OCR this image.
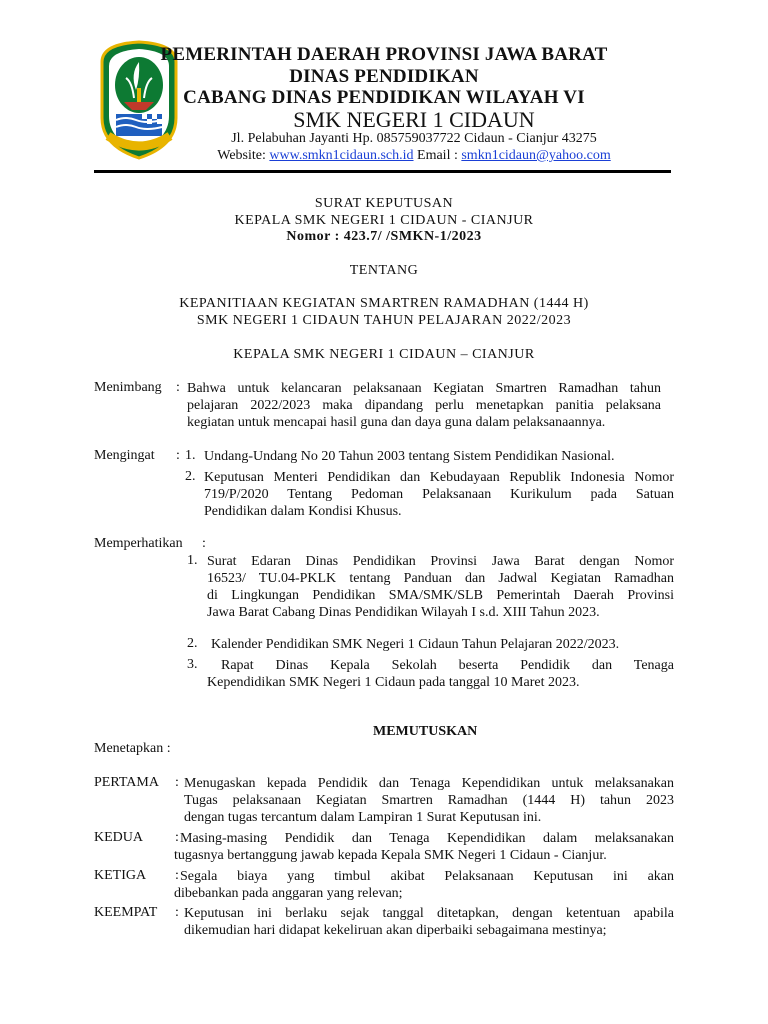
PEMERINTAH DAERAH PROVINSI JAWA BARAT
DINAS PENDIDIKAN
CABANG DINAS PENDIDIKAN WILAYAH VI
SMK NEGERI 1 CIDAUN
Jl. Pelabuhan Jayanti Hp. 085759037722 Cidaun - Cianjur 43275
Website: www.smkn1cidaun.sch.id Email : smkn1cidaun@yahoo.com
SURAT KEPUTUSAN
KEPALA SMK NEGERI 1 CIDAUN - CIANJUR
Nomor : 423.7/ /SMKN-1/2023
TENTANG
KEPANITIAAN KEGIATAN SMARTREN RAMADHAN (1444 H)
SMK NEGERI 1 CIDAUN TAHUN PELAJARAN 2022/2023
KEPALA SMK NEGERI 1 CIDAUN – CIANJUR
Menimbang : Bahwa untuk kelancaran pelaksanaan Kegiatan Smartren Ramadhan tahun
pelajaran 2022/2023 maka dipandang perlu menetapkan panitia pelaksana
kegiatan untuk mencapai hasil guna dan daya guna dalam pelaksanaannya.
Mengingat : 1. Undang-Undang No 20 Tahun 2003 tentang Sistem Pendidikan Nasional.
2. Keputusan Menteri Pendidikan dan Kebudayaan Republik Indonesia Nomor
719/P/2020 Tentang Pedoman Pelaksanaan Kurikulum pada Satuan
Pendidikan dalam Kondisi Khusus.
Memperhatikan :
1. Surat Edaran Dinas Pendidikan Provinsi Jawa Barat dengan Nomor
16523/ TU.04-PKLK tentang Panduan dan Jadwal Kegiatan Ramadhan
di Lingkungan Pendidikan SMA/SMK/SLB Pemerintah Daerah Provinsi
Jawa Barat Cabang Dinas Pendidikan Wilayah I s.d. XIII Tahun 2023.
2. Kalender Pendidikan SMK Negeri 1 Cidaun Tahun Pelajaran 2022/2023.
3.	Rapat Dinas Kepala Sekolah beserta Pendidik dan Tenaga
Kependidikan SMK Negeri 1 Cidaun pada tanggal 10 Maret 2023.
MEMUTUSKAN
Menetapkan :
PERTAMA : Menugaskan kepada Pendidik dan Tenaga Kependidikan untuk melaksanakan
Tugas pelaksanaan Kegiatan Smartren Ramadhan (1444 H) tahun 2023
dengan tugas tercantum dalam Lampiran 1 Surat Keputusan ini.
KEDUA : Masing-masing Pendidik dan Tenaga Kependidikan dalam melaksanakan
tugasnya bertanggung jawab kepada Kepala SMK Negeri 1 Cidaun - Cianjur.
KETIGA : Segala biaya yang timbul akibat Pelaksanaan Keputusan ini akan
dibebankan pada anggaran yang relevan;
KEEMPAT : Keputusan ini berlaku sejak tanggal ditetapkan, dengan ketentuan apabila
dikemudian hari didapat kekeliruan akan diperbaiki sebagaimana mestinya;
